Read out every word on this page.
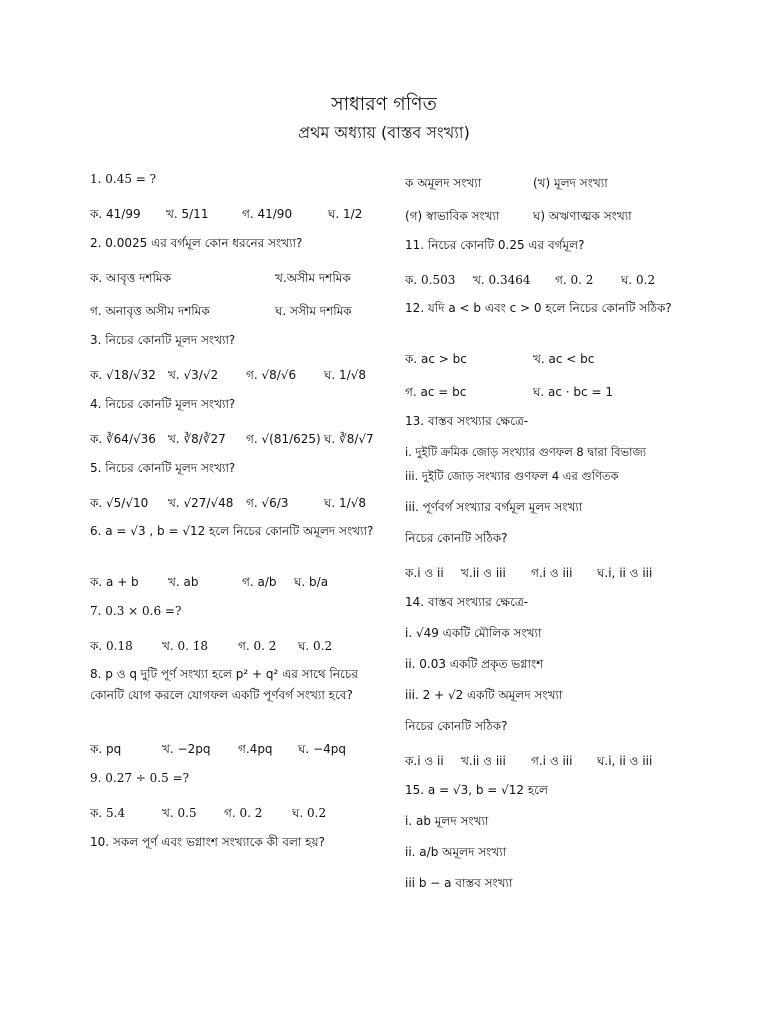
সাধারণ গণিত
প্রথম অধ্যায় (বাস্তব সংখ্যা)
1. 0.45̇ = ?
ক. 41/99	খ. 5/11	গ. 41/90	ঘ. 1/2
2. 0.0025 এর বর্গমূল কোন ধরনের সংখ্যা?
ক. আবৃত্ত দশমিক	খ.অসীম দশমিক
গ. অনাবৃত্ত অসীম দশমিক	ঘ. সসীম দশমিক
3. নিচের কোনটি মূলদ সংখ্যা?
ক. √18/√32	খ. √3/√2	গ. √8/√6	ঘ. 1/√8
4. নিচের কোনটি মূলদ সংখ্যা?
ক. ∛64/√36	খ. ∛8/∛27	গ. √(81/625) ঘ. ∛8/√7
5. নিচের কোনটি মূলদ সংখ্যা?
ক. √5/√10	খ. √27/√48	গ. √6/3	ঘ. 1/√8
6. a = √3 , b = √12 হলে নিচের কোনটি অমূলদ সংখ্যা?
ক. a + b	খ. ab	গ. a/b	ঘ. b/a
7. 0.3 × 0.6̇ =?
ক. 0.18̇	খ. 0. 1̇8̇	গ. 0. 2̇	ঘ. 0.2
8. p ও q দুটি পূর্ণ সংখ্যা হলে p² + q² এর সাথে নিচের কোনটি যোগ করলে যোগফল একটি পূর্ণবর্গ সংখ্যা হবে?
ক. pq	খ. −2pq	গ.4pq	ঘ. −4pq
9. 0.27̇ ÷ 0.5̇ =?
ক. 5.4	খ. 0.5	গ. 0. 2̇	ঘ. 0.2
10. সকল পূর্ণ এবং ভগ্নাংশ সংখ্যাকে কী বলা হয়?
ক অমূলদ সংখ্যা	(খ) মূলদ সংখ্যা
(গ) স্বাভাবিক সংখ্যা	ঘ) অঋণাত্মক সংখ্যা
11. নিচের কোনটি 0.25 এর বর্গমূল?
ক. 0.503	খ. 0.3464	গ. 0. 2̇	ঘ. 0.2
12. যদি a < b এবং c > 0 হলে নিচের কোনটি সঠিক?
ক. ac > bc	খ. ac < bc
গ. ac = bc	ঘ. ac · bc = 1
13. বাস্তব সংখ্যার ক্ষেত্রে-
i. দুইটি ক্রমিক জোড় সংখ্যার গুণফল 8 দ্বারা বিভাজ্য
iii. দুইটি জোড় সংখ্যার গুণফল 4 এর গুণিতক
iii. পূর্ণবর্গ সংখ্যার বর্গমূল মূলদ সংখ্যা
নিচের কোনটি সঠিক?
ক.i ও ii	খ.ii ও iii	গ.i ও iii	ঘ.i, ii ও iii
14. বাস্তব সংখ্যার ক্ষেত্রে-
i. √49 একটি মৌলিক সংখ্যা
ii. 0.03 একটি প্রকৃত ভগ্নাংশ
iii. 2 + √2 একটি অমূলদ সংখ্যা
নিচের কোনটি সঠিক?
ক.i ও ii	খ.ii ও iii	গ.i ও iii	ঘ.i, ii ও iii
15. a = √3, b = √12 হলে
i. ab মূলদ সংখ্যা
ii. a/b অমূলদ সংখ্যা
iii b − a বাস্তব সংখ্যা
